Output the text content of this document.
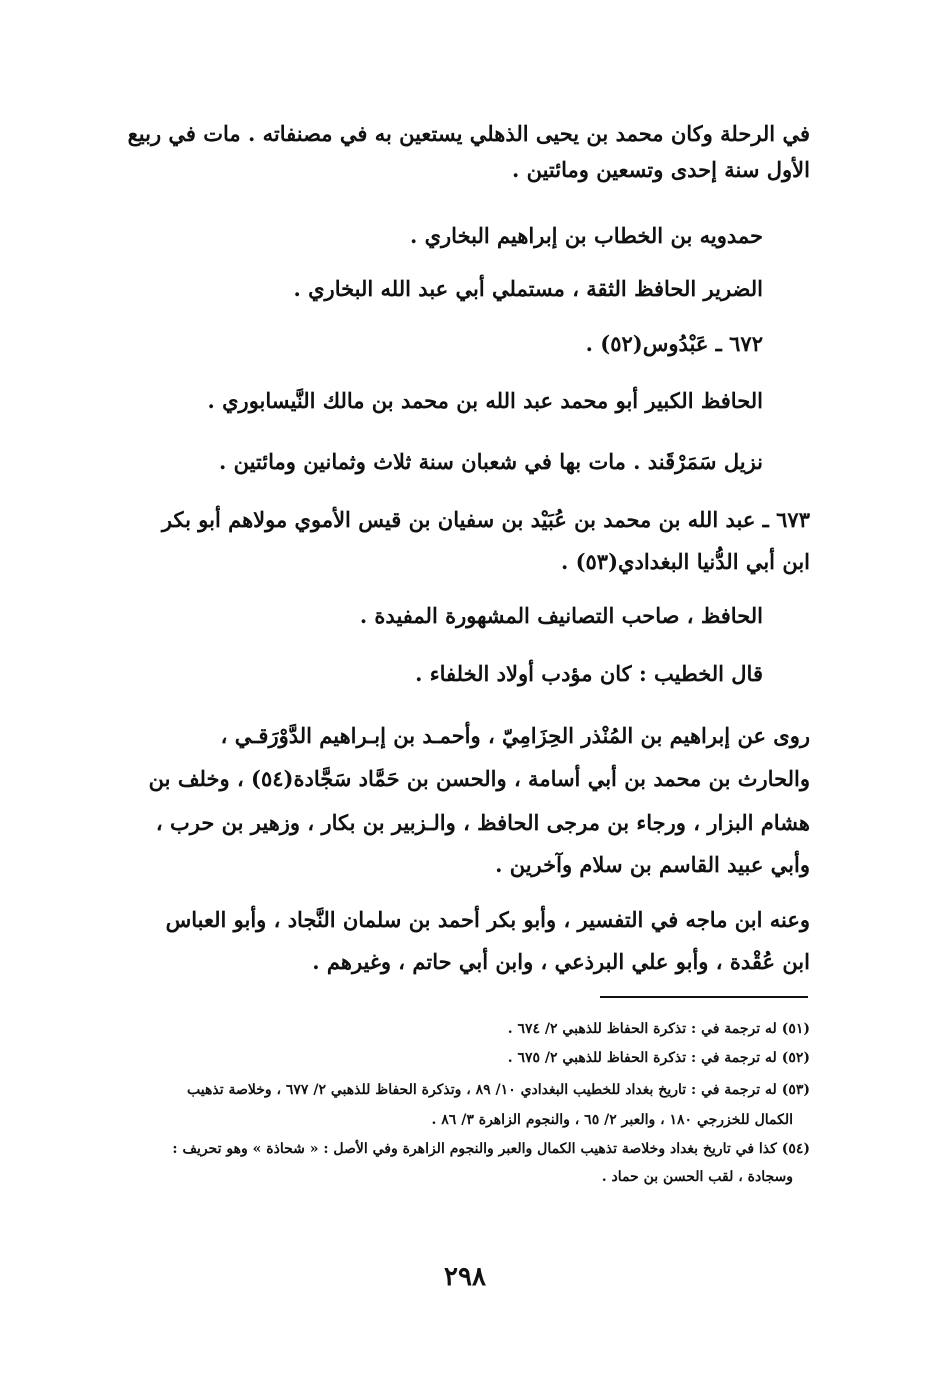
في الرحلة وكان محمد بن يحيى الذهلي يستعين به في مصنفاته . مات في ربيع
الأول سنة إحدى وتسعين ومائتين .
حمدويه بن الخطاب بن إبراهيم البخاري .
الضرير الحافظ الثقة ، مستملي أبي عبد الله البخاري .
٦٧٢ ـ عَبْدُوس(٥٢) .
الحافظ الكبير أبو محمد عبد الله بن محمد بن مالك النَّيسابوري .
نزيل سَمَرْقَند . مات بها في شعبان سنة ثلاث وثمانين ومائتين .
٦٧٣ ـ عبد الله بن محمد بن عُبَيْد بن سفيان بن قيس الأموي مولاهم أبو بكر
ابن أبي الدُّنيا البغدادي(٥٣) .
الحافظ ، صاحب التصانيف المشهورة المفيدة .
قال الخطيب : كان مؤدب أولاد الخلفاء .
روى عن إبراهيم بن المُنْذر الحِزَامِيّ ، وأحمـد بن إبـراهيم الدَّوْرَقـي ،
والحارث بن محمد بن أبي أسامة ، والحسن بن حَمَّاد سَجَّادة(٥٤) ، وخلف بن
هشام البزار ، ورجاء بن مرجى الحافظ ، والـزبير بن بكار ، وزهير بن حرب ،
وأبي عبيد القاسم بن سلام وآخرين .
وعنه ابن ماجه في التفسير ، وأبو بكر أحمد بن سلمان النَّجاد ، وأبو العباس
ابن عُقْدة ، وأبو علي البرذعي ، وابن أبي حاتم ، وغيرهم .
(٥١) له ترجمة في : تذكرة الحفاظ للذهبي ٢/ ٦٧٤ .
(٥٢) له ترجمة في : تذكرة الحفاظ للذهبي ٢/ ٦٧٥ .
(٥٣) له ترجمة في : تاريخ بغداد للخطيب البغدادي ١٠/ ٨٩ ، وتذكرة الحفاظ للذهبي ٢/ ٦٧٧ ، وخلاصة تذهيب
الكمال للخزرجي ١٨٠ ، والعبر ٢/ ٦٥ ، والنجوم الزاهرة ٣/ ٨٦ .
(٥٤) كذا في تاريخ بغداد وخلاصة تذهيب الكمال والعبر والنجوم الزاهرة وفي الأصل : « شحاذة » وهو تحريف :
وسجادة ، لقب الحسن بن حماد .
٢٩٨
